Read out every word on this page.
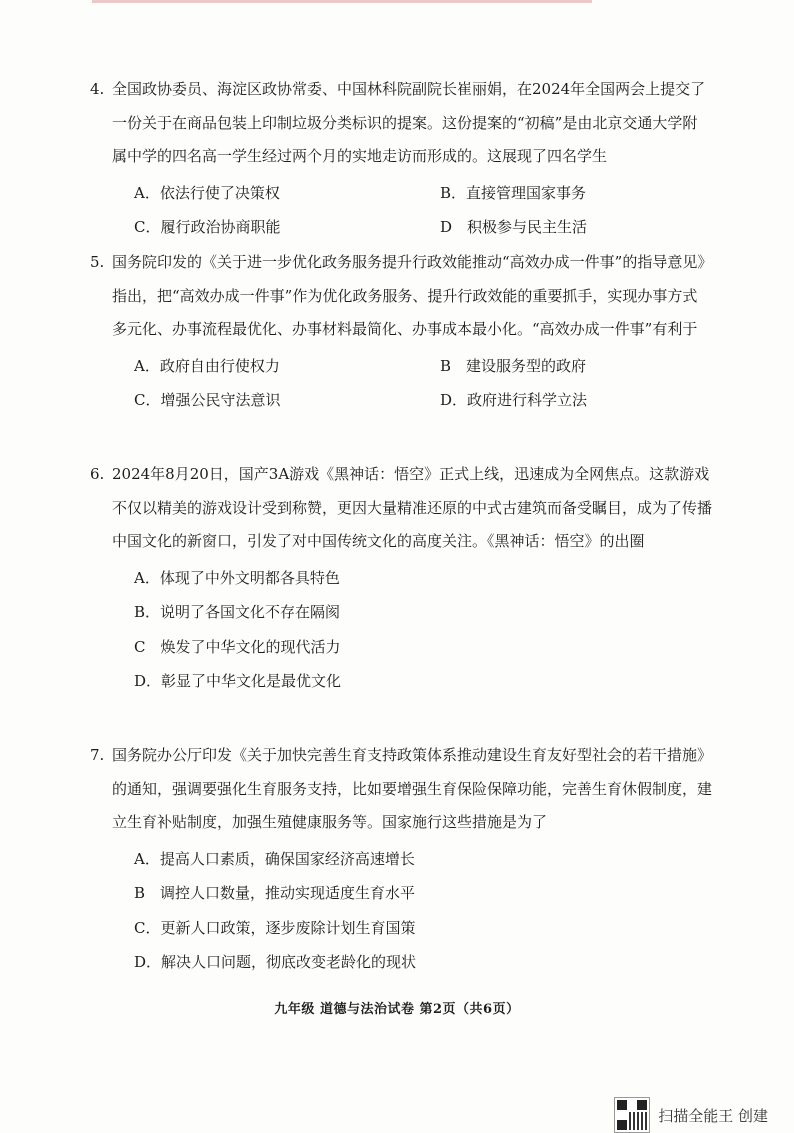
4. 全国政协委员、海淀区政协常委、中国林科院副院长崔丽娟，在2024年全国两会上提交了一份关于在商品包装上印制垃圾分类标识的提案。这份提案的“初稿”是由北京交通大学附属中学的四名高一学生经过两个月的实地走访而形成的。这展现了四名学生

A．依法行使了决策权	B．直接管理国家事务
C．履行政治协商职能	D　积极参与民主生活

5. 国务院印发的《关于进一步优化政务服务提升行政效能推动“高效办成一件事”的指导意见》指出，把“高效办成一件事”作为优化政务服务、提升行政效能的重要抓手，实现办事方式多元化、办事流程最优化、办事材料最简化、办事成本最小化。“高效办成一件事”有利于

A．政府自由行使权力	B　建设服务型的政府
C．增强公民守法意识	D．政府进行科学立法

6. 2024年8月20日，国产3A游戏《黑神话：悟空》正式上线，迅速成为全网焦点。这款游戏不仅以精美的游戏设计受到称赞，更因大量精准还原的中式古建筑而备受瞩目，成为了传播中国文化的新窗口，引发了对中国传统文化的高度关注。《黑神话：悟空》的出圈

A．体现了中外文明都各具特色
B．说明了各国文化不存在隔阂
C　焕发了中华文化的现代活力
D．彰显了中华文化是最优文化

7. 国务院办公厅印发《关于加快完善生育支持政策体系推动建设生育友好型社会的若干措施》的通知，强调要强化生育服务支持，比如要增强生育保险保障功能，完善生育休假制度，建立生育补贴制度，加强生殖健康服务等。国家施行这些措施是为了

A．提高人口素质，确保国家经济高速增长
B　调控人口数量，推动实现适度生育水平
C．更新人口政策，逐步废除计划生育国策
D．解决人口问题，彻底改变老龄化的现状
九年级 道德与法治试卷 第2页（共6页）
扫描全能王 创建
